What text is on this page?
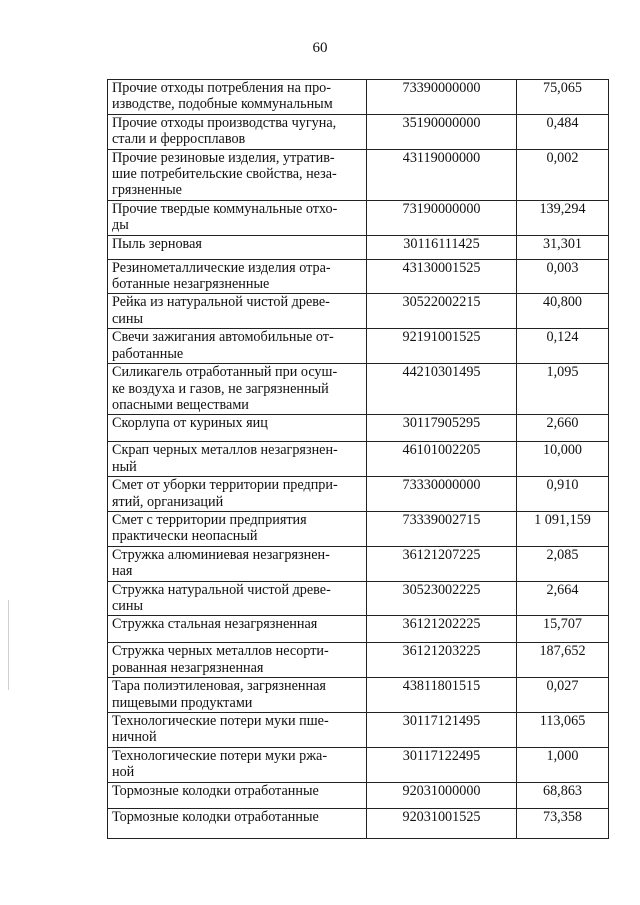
60
Прочие отходы потребления на про-
изводстве, подобные коммунальным	73390000000	75,065
Прочие отходы производства чугуна,
стали и ферросплавов	35190000000	0,484
Прочие резиновые изделия, утратив-
шие потребительские свойства, неза-
грязненные	43119000000	0,002
Прочие твердые коммунальные отхо-
ды	73190000000	139,294
Пыль зерновая	30116111425	31,301
Резинометаллические изделия отра-
ботанные незагрязненные	43130001525	0,003
Рейка из натуральной чистой древе-
сины	30522002215	40,800
Свечи зажигания автомобильные от-
работанные	92191001525	0,124
Силикагель отработанный при осуш-
ке воздуха и газов, не загрязненный
опасными веществами	44210301495	1,095
Скорлупа от куриных яиц	30117905295	2,660
Скрап черных металлов незагрязнен-
ный	46101002205	10,000
Смет от уборки территории предпри-
ятий, организаций	73330000000	0,910
Смет с территории предприятия
практически неопасный	73339002715	1 091,159
Стружка алюминиевая незагрязнен-
ная	36121207225	2,085
Стружка натуральной чистой древе-
сины	30523002225	2,664
Стружка стальная незагрязненная	36121202225	15,707
Стружка черных металлов несорти-
рованная незагрязненная	36121203225	187,652
Тара полиэтиленовая, загрязненная
пищевыми продуктами	43811801515	0,027
Технологические потери муки пше-
ничной	30117121495	113,065
Технологические потери муки ржа-
ной	30117122495	1,000
Тормозные колодки отработанные	92031000000	68,863
Тормозные колодки отработанные	92031001525	73,358
